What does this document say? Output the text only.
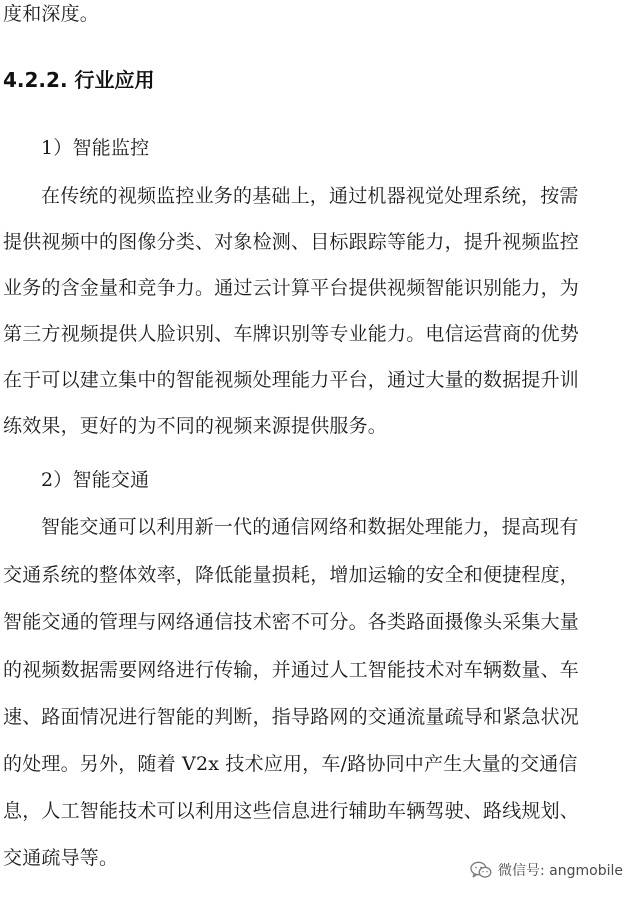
度和深度。
4.2.2. 行业应用
1）智能监控
在传统的视频监控业务的基础上，通过机器视觉处理系统，按需
提供视频中的图像分类、对象检测、目标跟踪等能力，提升视频监控
业务的含金量和竞争力。通过云计算平台提供视频智能识别能力，为
第三方视频提供人脸识别、车牌识别等专业能力。电信运营商的优势
在于可以建立集中的智能视频处理能力平台，通过大量的数据提升训
练效果，更好的为不同的视频来源提供服务。
2）智能交通
智能交通可以利用新一代的通信网络和数据处理能力，提高现有
交通系统的整体效率，降低能量损耗，增加运输的安全和便捷程度，
智能交通的管理与网络通信技术密不可分。各类路面摄像头采集大量
的视频数据需要网络进行传输，并通过人工智能技术对车辆数量、车
速、路面情况进行智能的判断，指导路网的交通流量疏导和紧急状况
的处理。另外，随着 V2x 技术应用，车/路协同中产生大量的交通信
息，人工智能技术可以利用这些信息进行辅助车辆驾驶、路线规划、
交通疏导等。
微信号: angmobile
